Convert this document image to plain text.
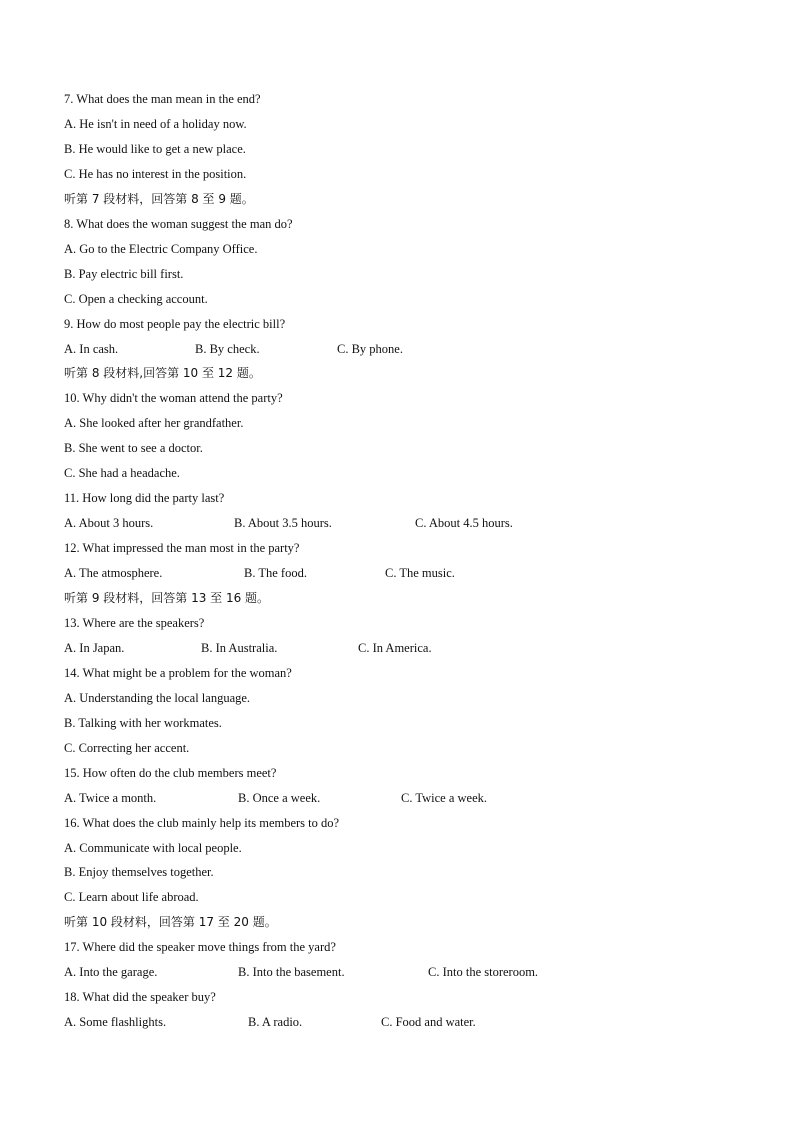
7. What does the man mean in the end?
A. He isn't in need of a holiday now.
B. He would like to get a new place.
C. He has no interest in the position.
听第 7 段材料，回答第 8 至 9 题。
8. What does the woman suggest the man do?
A. Go to the Electric Company Office.
B. Pay electric bill first.
C. Open a checking account.
9. How do most people pay the electric bill?
A. In cash.	B. By check.	C. By phone.
听第 8 段材料,回答第 10 至 12 题。
10. Why didn't the woman attend the party?
A. She looked after her grandfather.
B. She went to see a doctor.
C. She had a headache.
11. How long did the party last?
A. About 3 hours.	B. About 3.5 hours.	C. About 4.5 hours.
12. What impressed the man most in the party?
A. The atmosphere.	B. The food.	C. The music.
听第 9 段材料，回答第 13 至 16 题。
13. Where are the speakers?
A. In Japan.	B. In Australia.	C. In America.
14. What might be a problem for the woman?
A. Understanding the local language.
B. Talking with her workmates.
C. Correcting her accent.
15. How often do the club members meet?
A. Twice a month.	B. Once a week.	C. Twice a week.
16. What does the club mainly help its members to do?
A. Communicate with local people.
B. Enjoy themselves together.
C. Learn about life abroad.
听第 10 段材料，回答第 17 至 20 题。
17. Where did the speaker move things from the yard?
A. Into the garage.	B. Into the basement.	C. Into the storeroom.
18. What did the speaker buy?
A. Some flashlights.	B. A radio.	C. Food and water.
